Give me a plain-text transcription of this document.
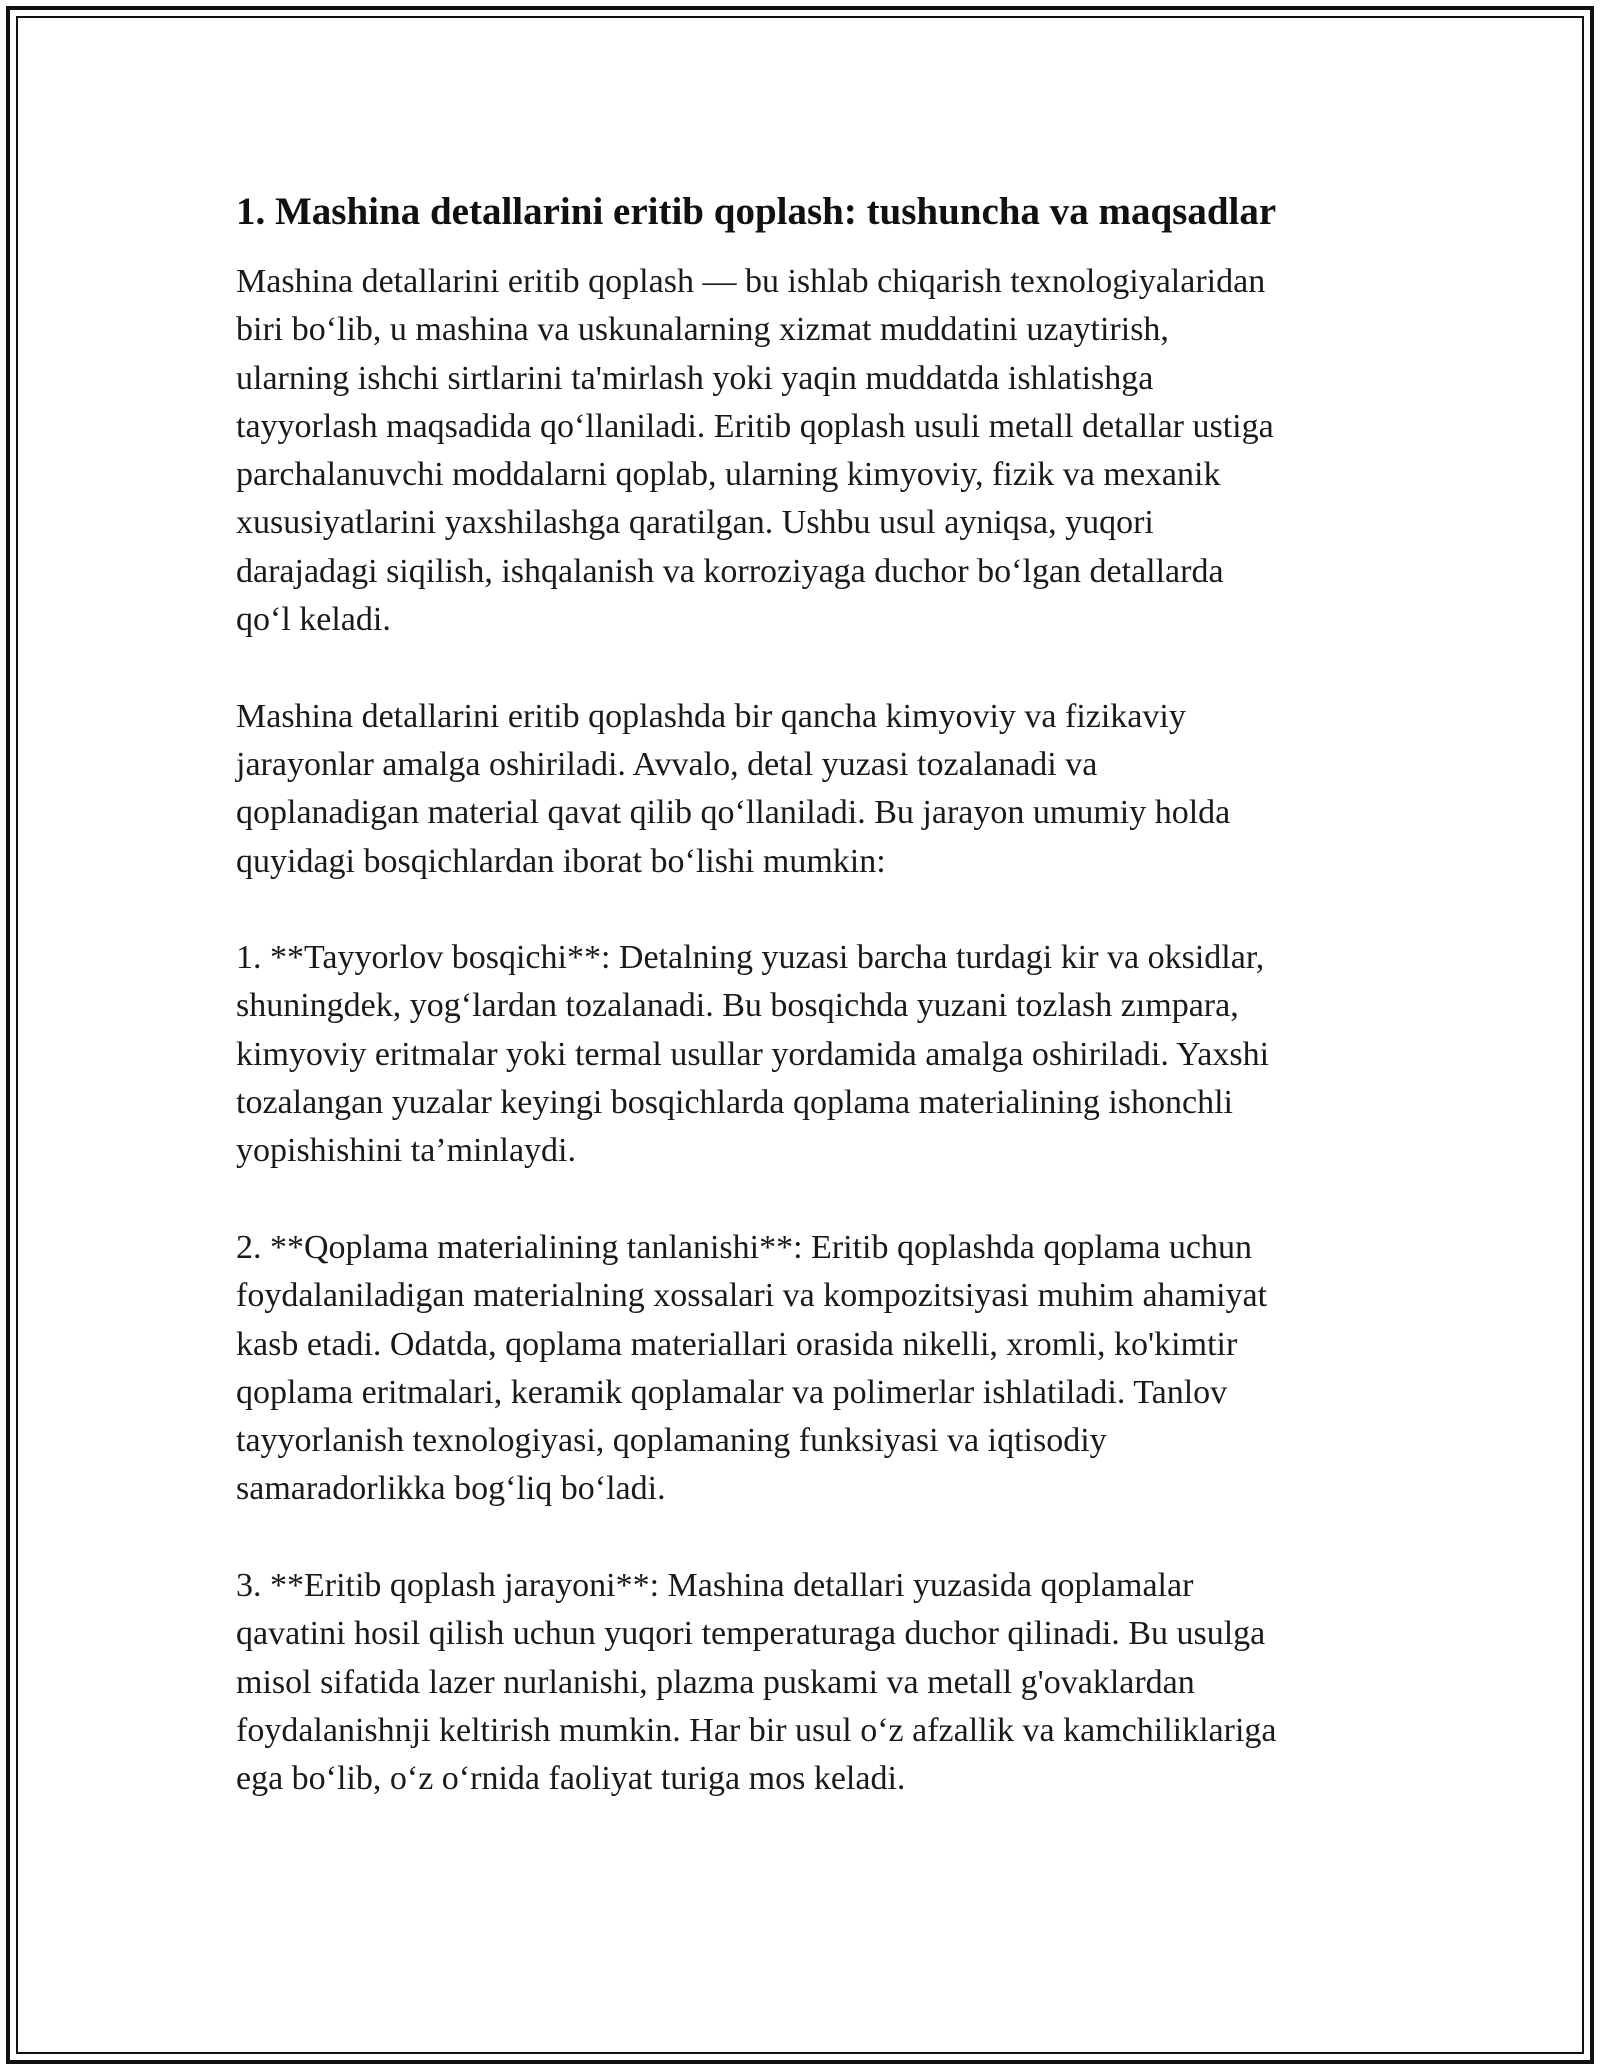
1. Mashina detallarini eritib qoplash: tushuncha va maqsadlar

Mashina detallarini eritib qoplash — bu ishlab chiqarish texnologiyalaridan
biri bo‘lib, u mashina va uskunalarning xizmat muddatini uzaytirish,
ularning ishchi sirtlarini ta'mirlash yoki yaqin muddatda ishlatishga
tayyorlash maqsadida qo‘llaniladi. Eritib qoplash usuli metall detallar ustiga
parchalanuvchi moddalarni qoplab, ularning kimyoviy, fizik va mexanik
xususiyatlarini yaxshilashga qaratilgan. Ushbu usul ayniqsa, yuqori
darajadagi siqilish, ishqalanish va korroziyaga duchor bo‘lgan detallarda
qo‘l keladi.

Mashina detallarini eritib qoplashda bir qancha kimyoviy va fizikaviy
jarayonlar amalga oshiriladi. Avvalo, detal yuzasi tozalanadi va
qoplanadigan material qavat qilib qo‘llaniladi. Bu jarayon umumiy holda
quyidagi bosqichlardan iborat bo‘lishi mumkin:

1. **Tayyorlov bosqichi**: Detalning yuzasi barcha turdagi kir va oksidlar,
shuningdek, yog‘lardan tozalanadi. Bu bosqichda yuzani tozlash zımpara,
kimyoviy eritmalar yoki termal usullar yordamida amalga oshiriladi. Yaxshi
tozalangan yuzalar keyingi bosqichlarda qoplama materialining ishonchli
yopishishini ta’minlaydi.

2. **Qoplama materialining tanlanishi**: Eritib qoplashda qoplama uchun
foydalaniladigan materialning xossalari va kompozitsiyasi muhim ahamiyat
kasb etadi. Odatda, qoplama materiallari orasida nikelli, xromli, ko'kimtir
qoplama eritmalari, keramik qoplamalar va polimerlar ishlatiladi. Tanlov
tayyorlanish texnologiyasi, qoplamaning funksiyasi va iqtisodiy
samaradorlikka bog‘liq bo‘ladi.

3. **Eritib qoplash jarayoni**: Mashina detallari yuzasida qoplamalar
qavatini hosil qilish uchun yuqori temperaturaga duchor qilinadi. Bu usulga
misol sifatida lazer nurlanishi, plazma puskami va metall g'ovaklardan
foydalanishnji keltirish mumkin. Har bir usul o‘z afzallik va kamchiliklariga
ega bo‘lib, o‘z o‘rnida faoliyat turiga mos keladi.
